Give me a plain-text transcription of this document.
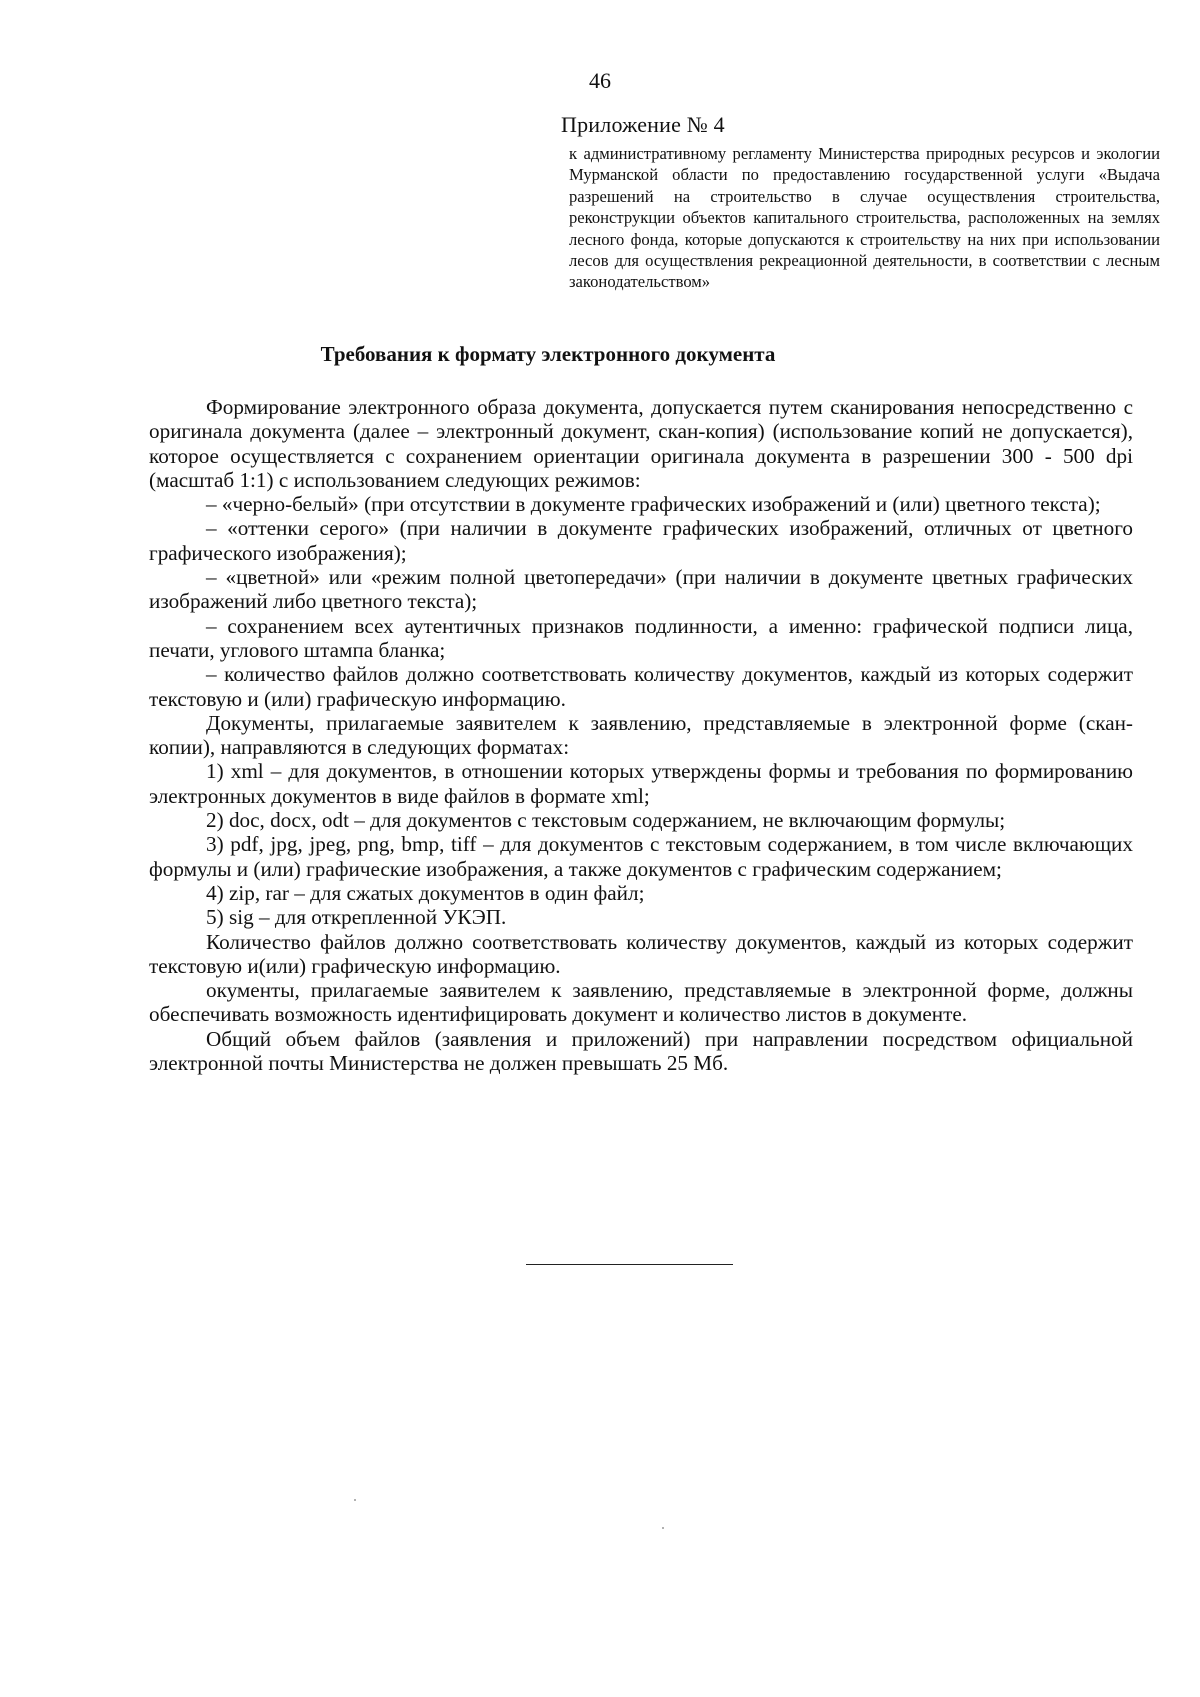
46
Приложение № 4
к административному регламенту Министерства природных ресурсов и экологии Мурманской области по предоставлению государственной услуги «Выдача разрешений на строительство в случае осуществления строительства, реконструкции объектов капитального строительства, расположенных на землях лесного фонда, которые допускаются к строительству на них при использовании лесов для осуществления рекреационной деятельности, в соответствии с лесным законодательством»
Требования к формату электронного документа

Формирование электронного образа документа, допускается путем сканирования непосредственно с оригинала документа (далее – электронный документ, скан-копия) (использование копий не допускается), которое осуществляется с сохранением ориентации оригинала документа в разрешении 300 - 500 dpi (масштаб 1:1) с использованием следующих режимов:

– «черно-белый» (при отсутствии в документе графических изображений и (или) цветного текста);

– «оттенки серого» (при наличии в документе графических изображений, отличных от цветного графического изображения);

– «цветной» или «режим полной цветопередачи» (при наличии в документе цветных графических изображений либо цветного текста);

– сохранением всех аутентичных признаков подлинности, а именно: графической подписи лица, печати, углового штампа бланка;

– количество файлов должно соответствовать количеству документов, каждый из которых содержит текстовую и (или) графическую информацию.

Документы, прилагаемые заявителем к заявлению, представляемые в электронной форме (скан-копии), направляются в следующих форматах:

1) xml – для документов, в отношении которых утверждены формы и требования по формированию электронных документов в виде файлов в формате xml;

2) doc, docx, odt – для документов с текстовым содержанием, не включающим формулы;

3) pdf, jpg, jpeg, png, bmp, tiff – для документов с текстовым содержанием, в том числе включающих формулы и (или) графические изображения, а также документов с графическим содержанием;

4) zip, rar – для сжатых документов в один файл;

5) sig – для открепленной УКЭП.

Количество файлов должно соответствовать количеству документов, каждый из которых содержит текстовую и(или) графическую информацию.

окументы, прилагаемые заявителем к заявлению, представляемые в электронной форме, должны обеспечивать возможность идентифицировать документ и количество листов в документе.

Общий объем файлов (заявления и приложений) при направлении посредством официальной электронной почты Министерства не должен превышать 25 Мб.
